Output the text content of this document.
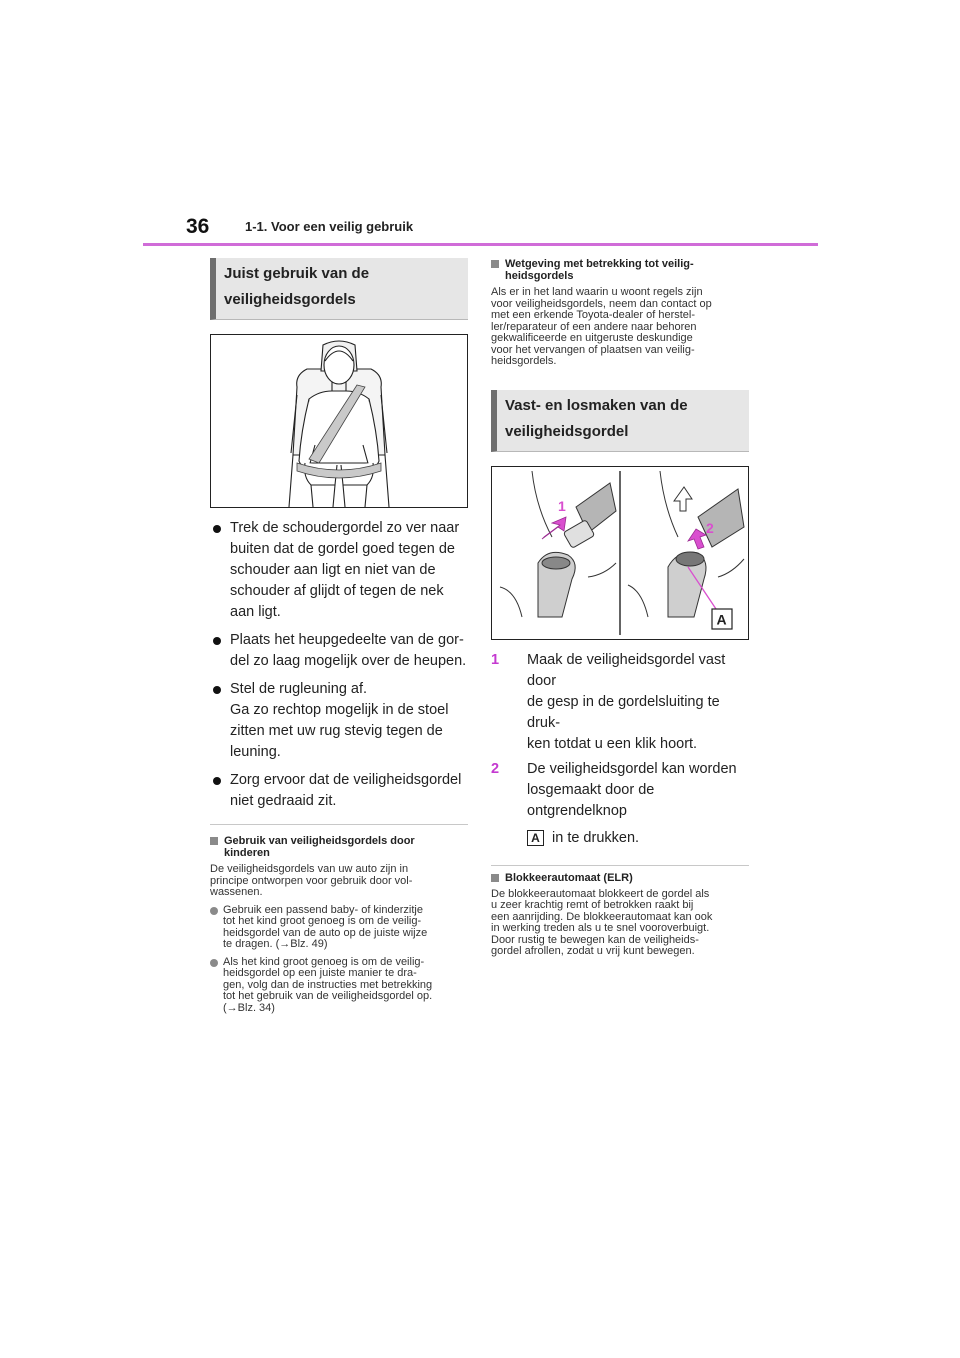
36	1-1. Voor een veilig gebruik
Juist gebruik van de
veiligheidsgordels
Trek de schoudergordel zo ver naar
buiten dat de gordel goed tegen de
schouder aan ligt en niet van de
schouder af glijdt of tegen de nek
aan ligt.
Plaats het heupgedeelte van de gor-
del zo laag mogelijk over de heupen.
Stel de rugleuning af.
Ga zo rechtop mogelijk in de stoel
zitten met uw rug stevig tegen de
leuning.
Zorg ervoor dat de veiligheidsgordel
niet gedraaid zit.
Gebruik van veiligheidsgordels door
kinderen
De veiligheidsgordels van uw auto zijn in
principe ontworpen voor gebruik door vol-
wassenen.
Gebruik een passend baby- of kinderzitje
tot het kind groot genoeg is om de veilig-
heidsgordel van de auto op de juiste wijze
te dragen. (→Blz. 49)
Als het kind groot genoeg is om de veilig-
heidsgordel op een juiste manier te dra-
gen, volg dan de instructies met betrekking
tot het gebruik van de veiligheidsgordel op.
(→Blz. 34)
Wetgeving met betrekking tot veilig-
heidsgordels
Als er in het land waarin u woont regels zijn
voor veiligheidsgordels, neem dan contact op
met een erkende Toyota-dealer of herstel-
ler/reparateur of een andere naar behoren
gekwalificeerde en uitgeruste deskundige
voor het vervangen of plaatsen van veilig-
heidsgordels.
Vast- en losmaken van de
veiligheidsgordel
1
2
A
1 Maak de veiligheidsgordel vast door
de gesp in de gordelsluiting te druk-
ken totdat u een klik hoort.
2 De veiligheidsgordel kan worden
losgemaakt door de ontgrendelknop
A in te drukken.
Blokkeerautomaat (ELR)
De blokkeerautomaat blokkeert de gordel als
u zeer krachtig remt of betrokken raakt bij
een aanrijding. De blokkeerautomaat kan ook
in werking treden als u te snel vooroverbuigt.
Door rustig te bewegen kan de veiligheids-
gordel afrollen, zodat u vrij kunt bewegen.
